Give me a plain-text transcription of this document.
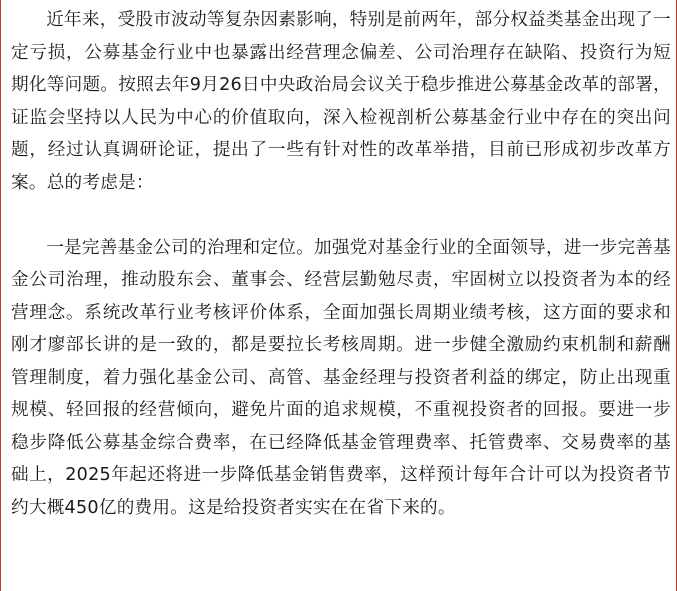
近年来，受股市波动等复杂因素影响，特别是前两年，部分权益类基金出现了一定亏损，公募基金行业中也暴露出经营理念偏差、公司治理存在缺陷、投资行为短期化等问题。按照去年9月26日中央政治局会议关于稳步推进公募基金改革的部署，证监会坚持以人民为中心的价值取向，深入检视剖析公募基金行业中存在的突出问题，经过认真调研论证，提出了一些有针对性的改革举措，目前已形成初步改革方案。总的考虑是：

一是完善基金公司的治理和定位。加强党对基金行业的全面领导，进一步完善基金公司治理，推动股东会、董事会、经营层勤勉尽责，牢固树立以投资者为本的经营理念。系统改革行业考核评价体系，全面加强长周期业绩考核，这方面的要求和刚才廖部长讲的是一致的，都是要拉长考核周期。进一步健全激励约束机制和薪酬管理制度，着力强化基金公司、高管、基金经理与投资者利益的绑定，防止出现重规模、轻回报的经营倾向，避免片面的追求规模，不重视投资者的回报。要进一步稳步降低公募基金综合费率，在已经降低基金管理费率、托管费率、交易费率的基础上，2025年起还将进一步降低基金销售费率，这样预计每年合计可以为投资者节约大概450亿的费用。这是给投资者实实在在省下来的。
